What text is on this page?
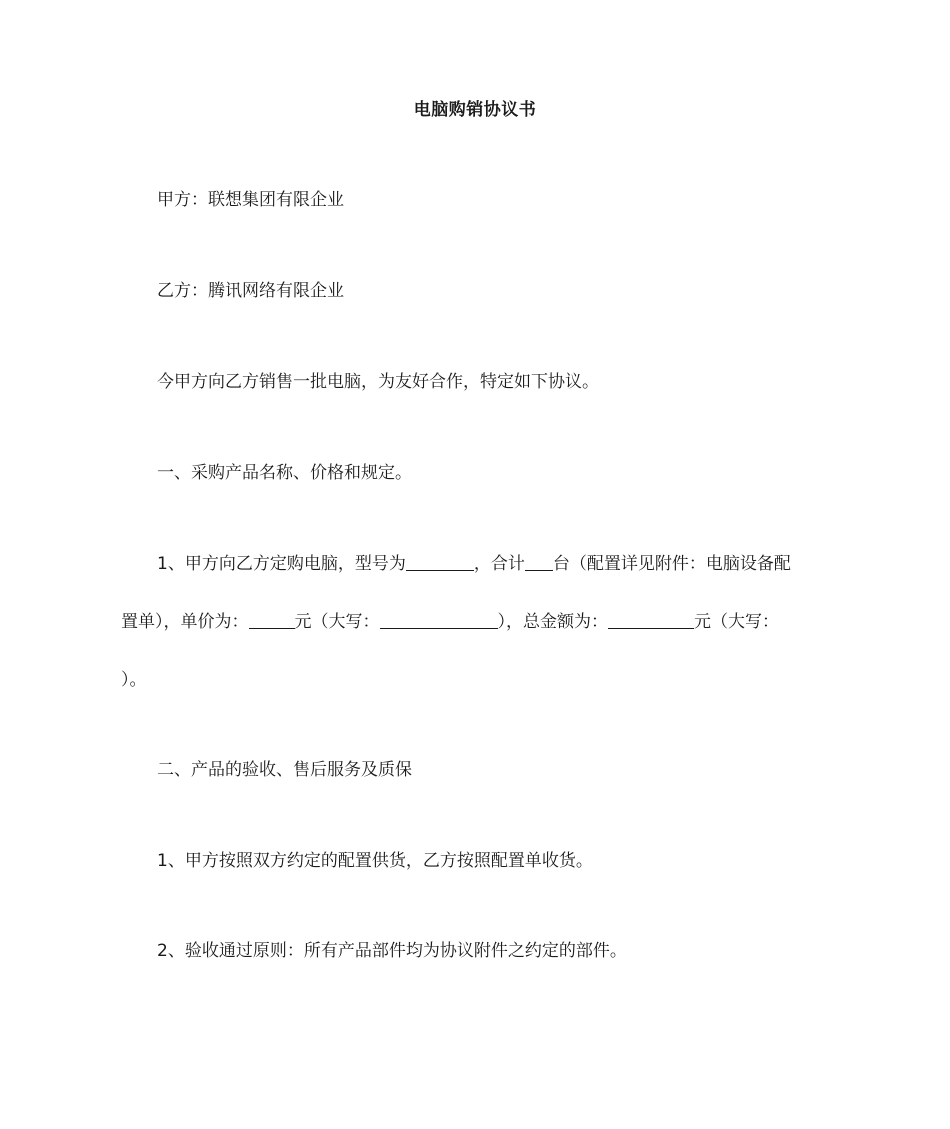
电脑购销协议书
甲方：联想集团有限企业
乙方：腾讯网络有限企业
今甲方向乙方销售一批电脑，为友好合作，特定如下协议。
一、采购产品名称、价格和规定。
1、甲方向乙方定购电脑，型号为	，合计 台（配置详见附件：电脑设备配
置单），单价为：	元（大写：	），总金额为：	元（大写：
）。
二、产品的验收、售后服务及质保
1、甲方按照双方约定的配置供货，乙方按照配置单收货。
2、验收通过原则：所有产品部件均为协议附件之约定的部件。
